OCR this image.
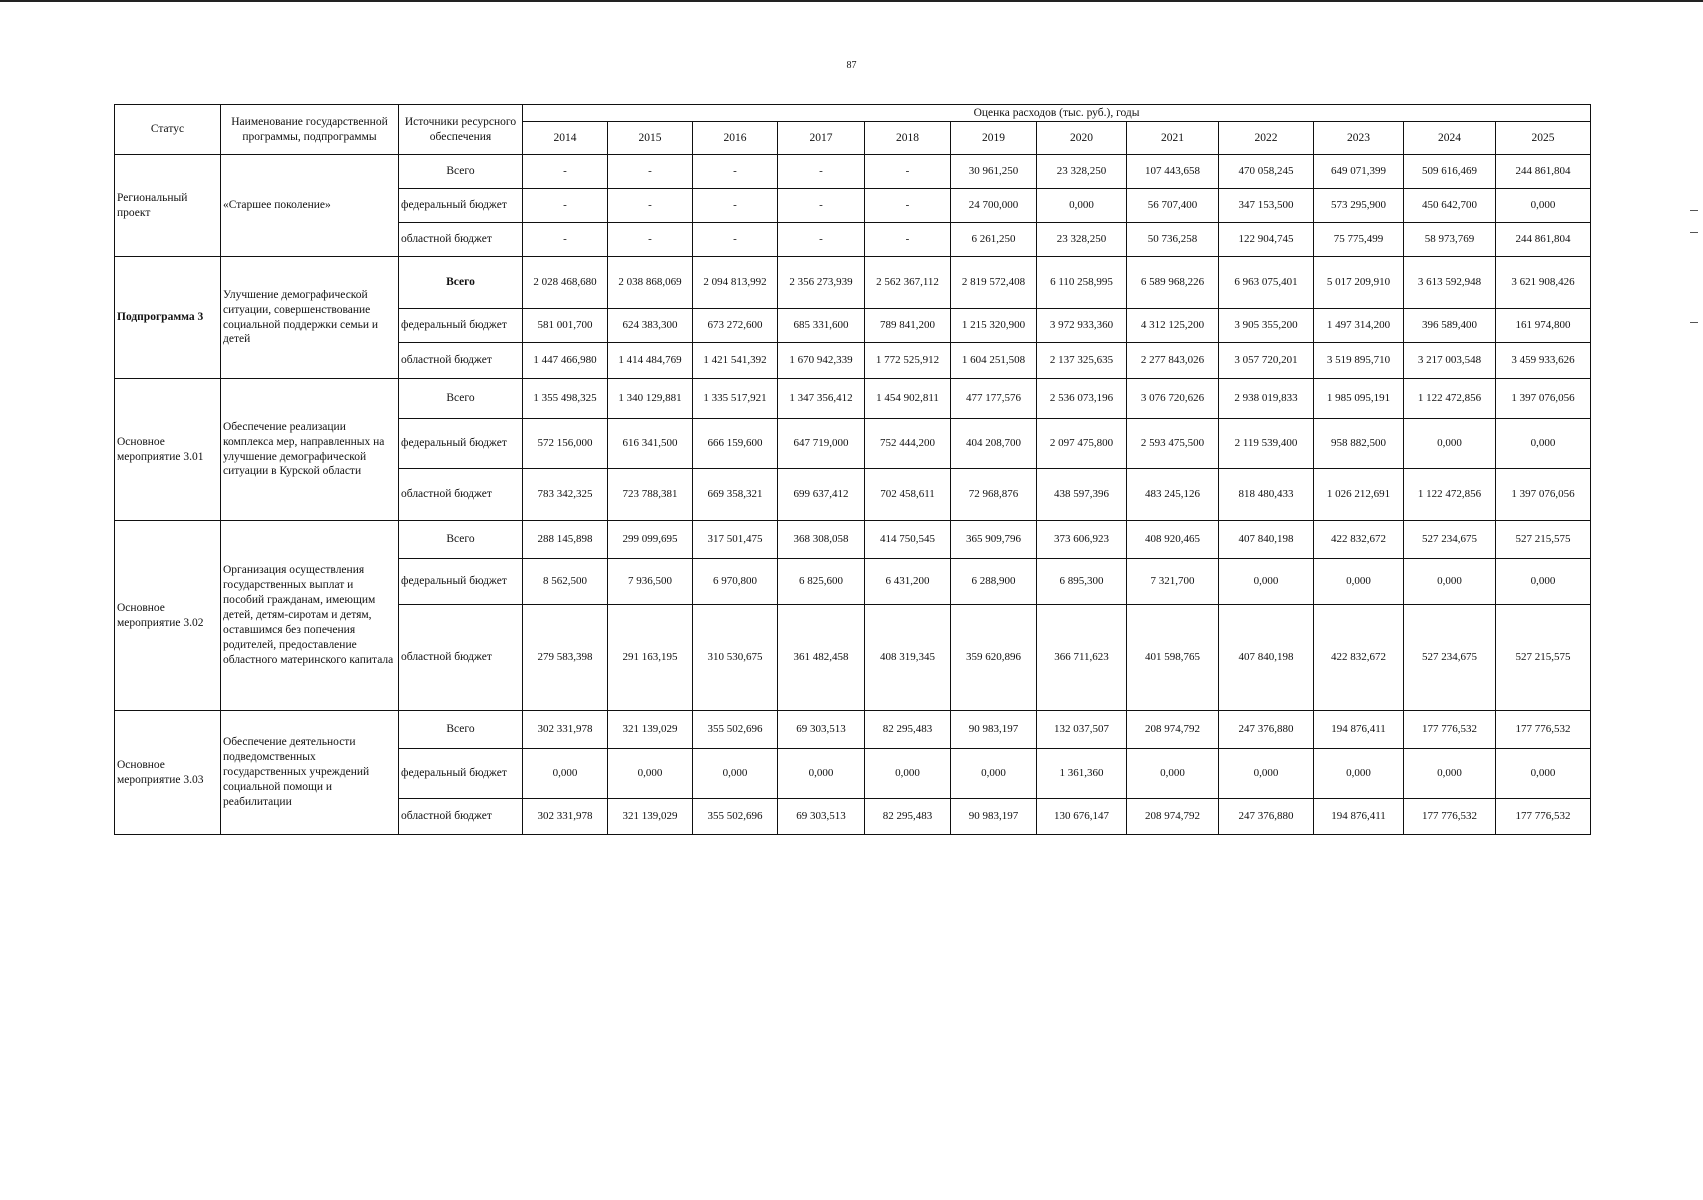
87
Статус	Наименование государственной программы, подпрограммы	Источники ресурсного обеспечения	Оценка расходов (тыс. руб.), годы											
			2014	2015	2016	2017	2018	2019	2020	2021	2022	2023	2024	2025
Региональный проект	«Старшее поколение»	Всего	-	-	-	-	-	30 961,250	23 328,250	107 443,658	470 058,245	649 071,399	509 616,469	244 861,804
		федеральный бюджет	-	-	-	-	-	24 700,000	0,000	56 707,400	347 153,500	573 295,900	450 642,700	0,000
		областной бюджет	-	-	-	-	-	6 261,250	23 328,250	50 736,258	122 904,745	75 775,499	58 973,769	244 861,804
Подпрограмма 3	Улучшение демографической ситуации, совершенствование социальной поддержки семьи и детей	Всего	2 028 468,680	2 038 868,069	2 094 813,992	2 356 273,939	2 562 367,112	2 819 572,408	6 110 258,995	6 589 968,226	6 963 075,401	5 017 209,910	3 613 592,948	3 621 908,426
		федеральный бюджет	581 001,700	624 383,300	673 272,600	685 331,600	789 841,200	1 215 320,900	3 972 933,360	4 312 125,200	3 905 355,200	1 497 314,200	396 589,400	161 974,800
		областной бюджет	1 447 466,980	1 414 484,769	1 421 541,392	1 670 942,339	1 772 525,912	1 604 251,508	2 137 325,635	2 277 843,026	3 057 720,201	3 519 895,710	3 217 003,548	3 459 933,626
Основное мероприятие 3.01	Обеспечение реализации комплекса мер, направленных на улучшение демографической ситуации в Курской области	Всего	1 355 498,325	1 340 129,881	1 335 517,921	1 347 356,412	1 454 902,811	477 177,576	2 536 073,196	3 076 720,626	2 938 019,833	1 985 095,191	1 122 472,856	1 397 076,056
		федеральный бюджет	572 156,000	616 341,500	666 159,600	647 719,000	752 444,200	404 208,700	2 097 475,800	2 593 475,500	2 119 539,400	958 882,500	0,000	0,000
		областной бюджет	783 342,325	723 788,381	669 358,321	699 637,412	702 458,611	72 968,876	438 597,396	483 245,126	818 480,433	1 026 212,691	1 122 472,856	1 397 076,056
Основное мероприятие 3.02	Организация осуществления государственных выплат и пособий гражданам, имеющим детей, детям-сиротам и детям, оставшимся без попечения родителей, предоставление областного материнского капитала	Всего	288 145,898	299 099,695	317 501,475	368 308,058	414 750,545	365 909,796	373 606,923	408 920,465	407 840,198	422 832,672	527 234,675	527 215,575
		федеральный бюджет	8 562,500	7 936,500	6 970,800	6 825,600	6 431,200	6 288,900	6 895,300	7 321,700	0,000	0,000	0,000	0,000
		областной бюджет	279 583,398	291 163,195	310 530,675	361 482,458	408 319,345	359 620,896	366 711,623	401 598,765	407 840,198	422 832,672	527 234,675	527 215,575
Основное мероприятие 3.03	Обеспечение деятельности подведомственных государственных учреждений социальной помощи и реабилитации	Всего	302 331,978	321 139,029	355 502,696	69 303,513	82 295,483	90 983,197	132 037,507	208 974,792	247 376,880	194 876,411	177 776,532	177 776,532
		федеральный бюджет	0,000	0,000	0,000	0,000	0,000	0,000	1 361,360	0,000	0,000	0,000	0,000	0,000
		областной бюджет	302 331,978	321 139,029	355 502,696	69 303,513	82 295,483	90 983,197	130 676,147	208 974,792	247 376,880	194 876,411	177 776,532	177 776,532
